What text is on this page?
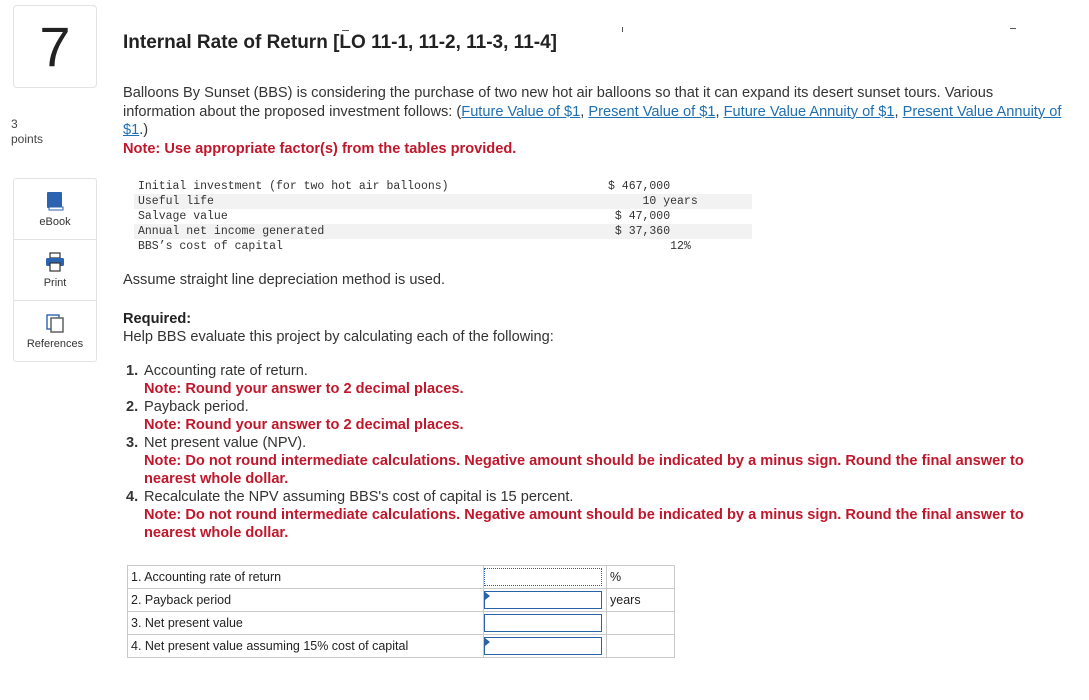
7
3
points
eBook
Print
References
Internal Rate of Return [LO 11-1, 11-2, 11-3, 11-4]
Balloons By Sunset (BBS) is considering the purchase of two new hot air balloons so that it can expand its desert sunset tours. Various information about the proposed investment follows: (Future Value of $1, Present Value of $1, Future Value Annuity of $1, Present Value Annuity of $1.)
Note: Use appropriate factor(s) from the tables provided.
Initial investment (for two hot air balloons)	$ 467,000
Useful life	10 years
Salvage value	$ 47,000
Annual net income generated	$ 37,360
BBS’s cost of capital	12%
Assume straight line depreciation method is used.
Required:
Help BBS evaluate this project by calculating each of the following:
1. Accounting rate of return.
Note: Round your answer to 2 decimal places.
2. Payback period.
Note: Round your answer to 2 decimal places.
3. Net present value (NPV).
Note: Do not round intermediate calculations. Negative amount should be indicated by a minus sign. Round the final answer to nearest whole dollar.
4. Recalculate the NPV assuming BBS's cost of capital is 15 percent.
Note: Do not round intermediate calculations. Negative amount should be indicated by a minus sign. Round the final answer to nearest whole dollar.
1. Accounting rate of return		%
2. Payback period		years
3. Net present value		
4. Net present value assuming 15% cost of capital	
